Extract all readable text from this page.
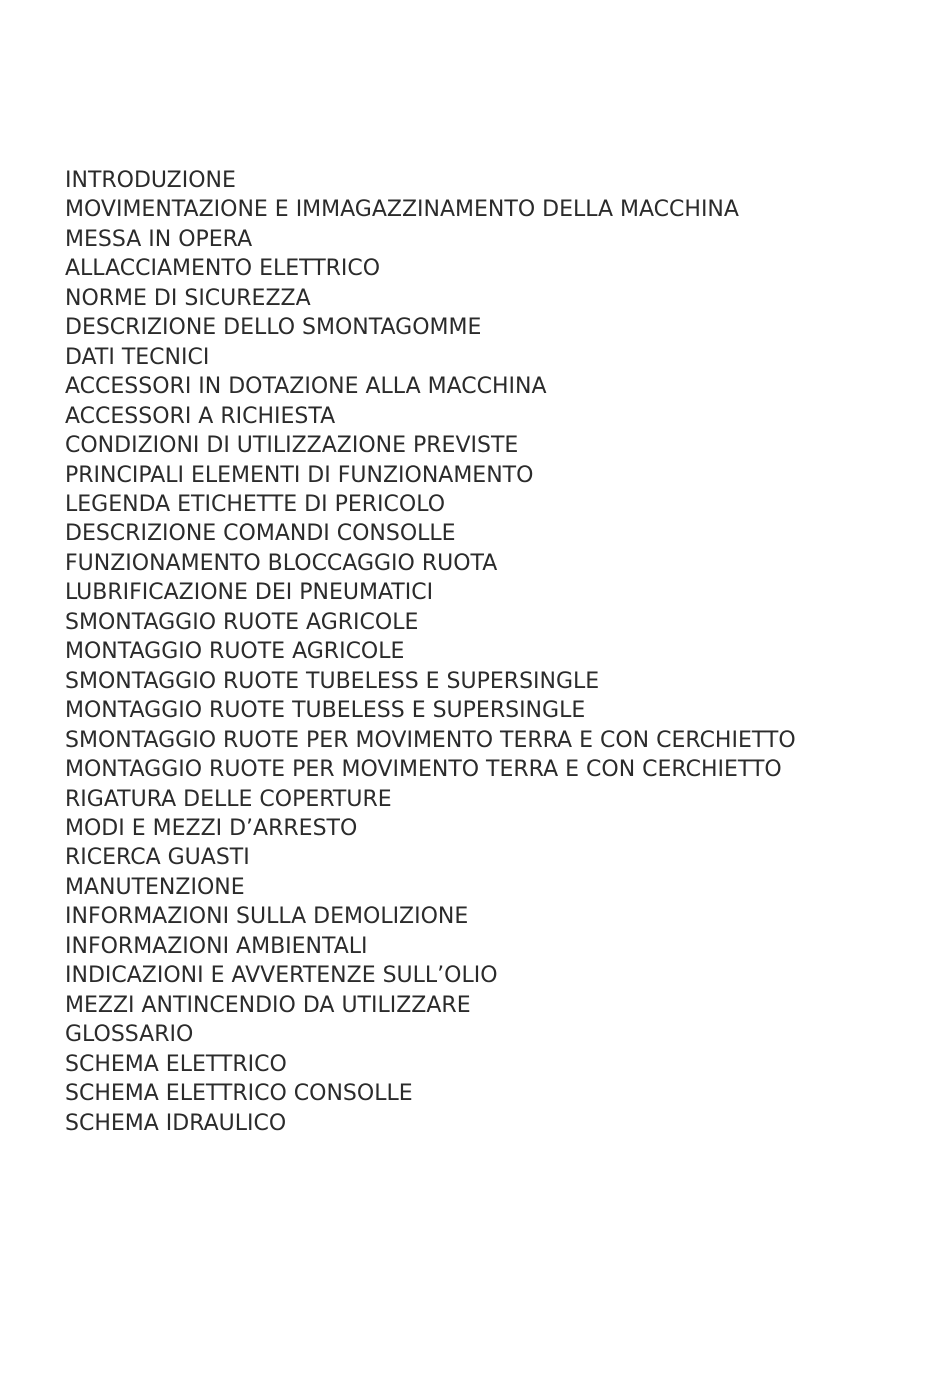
INTRODUZIONE
MOVIMENTAZIONE E IMMAGAZZINAMENTO DELLA MACCHINA
MESSA IN OPERA
ALLACCIAMENTO ELETTRICO
NORME DI SICUREZZA
DESCRIZIONE DELLO SMONTAGOMME
DATI TECNICI
ACCESSORI IN DOTAZIONE ALLA MACCHINA
ACCESSORI A RICHIESTA
CONDIZIONI DI UTILIZZAZIONE PREVISTE
PRINCIPALI ELEMENTI DI FUNZIONAMENTO
LEGENDA ETICHETTE DI PERICOLO
DESCRIZIONE COMANDI CONSOLLE
FUNZIONAMENTO BLOCCAGGIO RUOTA
LUBRIFICAZIONE DEI PNEUMATICI
SMONTAGGIO RUOTE AGRICOLE
MONTAGGIO RUOTE AGRICOLE
SMONTAGGIO RUOTE TUBELESS E SUPERSINGLE
MONTAGGIO RUOTE TUBELESS E SUPERSINGLE
SMONTAGGIO RUOTE PER MOVIMENTO TERRA E CON CERCHIETTO
MONTAGGIO RUOTE PER MOVIMENTO TERRA E CON CERCHIETTO
RIGATURA DELLE COPERTURE
MODI E MEZZI D’ARRESTO
RICERCA GUASTI
MANUTENZIONE
INFORMAZIONI SULLA DEMOLIZIONE
INFORMAZIONI AMBIENTALI
INDICAZIONI E AVVERTENZE SULL’OLIO
MEZZI ANTINCENDIO DA UTILIZZARE
GLOSSARIO
SCHEMA ELETTRICO
SCHEMA ELETTRICO CONSOLLE
SCHEMA IDRAULICO
